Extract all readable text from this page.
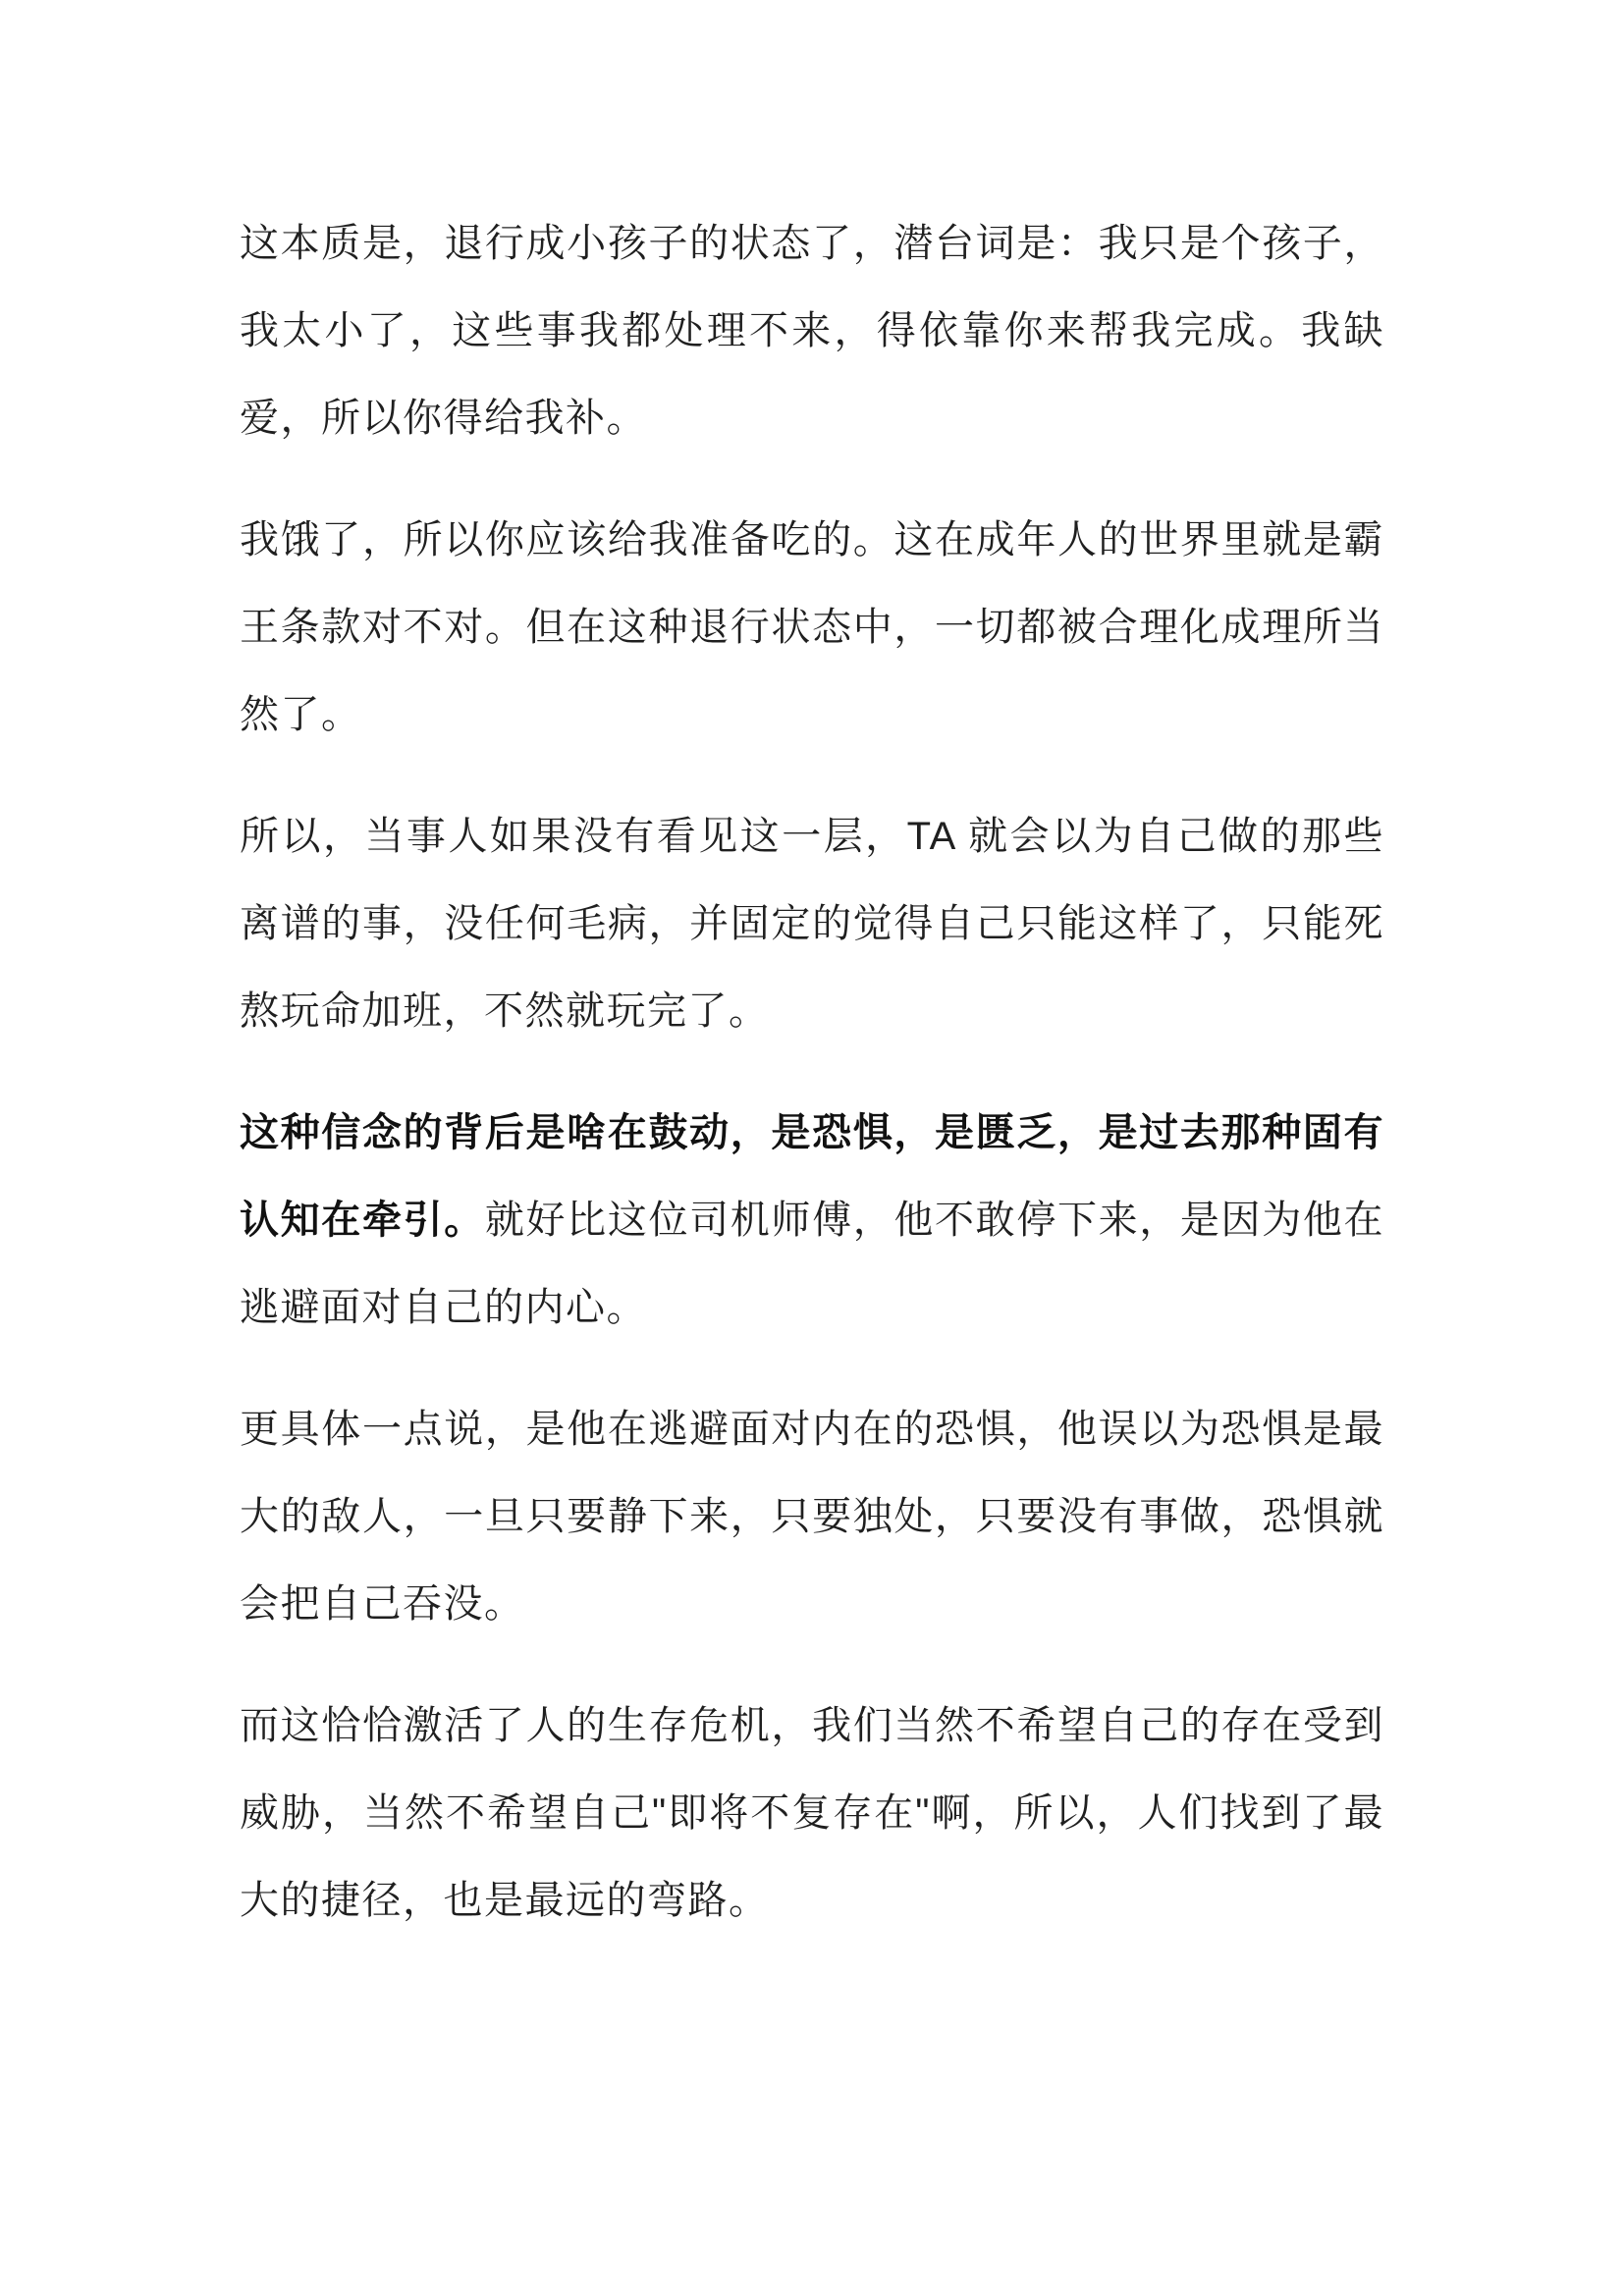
这本质是，退行成小孩子的状态了，潜台词是：我只是个孩子，我太小了，这些事我都处理不来，得依靠你来帮我完成。我缺爱，所以你得给我补。

我饿了，所以你应该给我准备吃的。这在成年人的世界里就是霸王条款对不对。但在这种退行状态中，一切都被合理化成理所当然了。

所以，当事人如果没有看见这一层，TA 就会以为自己做的那些离谱的事，没任何毛病，并固定的觉得自己只能这样了，只能死熬玩命加班，不然就玩完了。

这种信念的背后是啥在鼓动，是恐惧，是匮乏，是过去那种固有认知在牵引。就好比这位司机师傅，他不敢停下来，是因为他在逃避面对自己的内心。

更具体一点说，是他在逃避面对内在的恐惧，他误以为恐惧是最大的敌人，一旦只要静下来，只要独处，只要没有事做，恐惧就会把自己吞没。

而这恰恰激活了人的生存危机，我们当然不希望自己的存在受到威胁，当然不希望自己"即将不复存在"啊，所以，人们找到了最大的捷径，也是最远的弯路。
